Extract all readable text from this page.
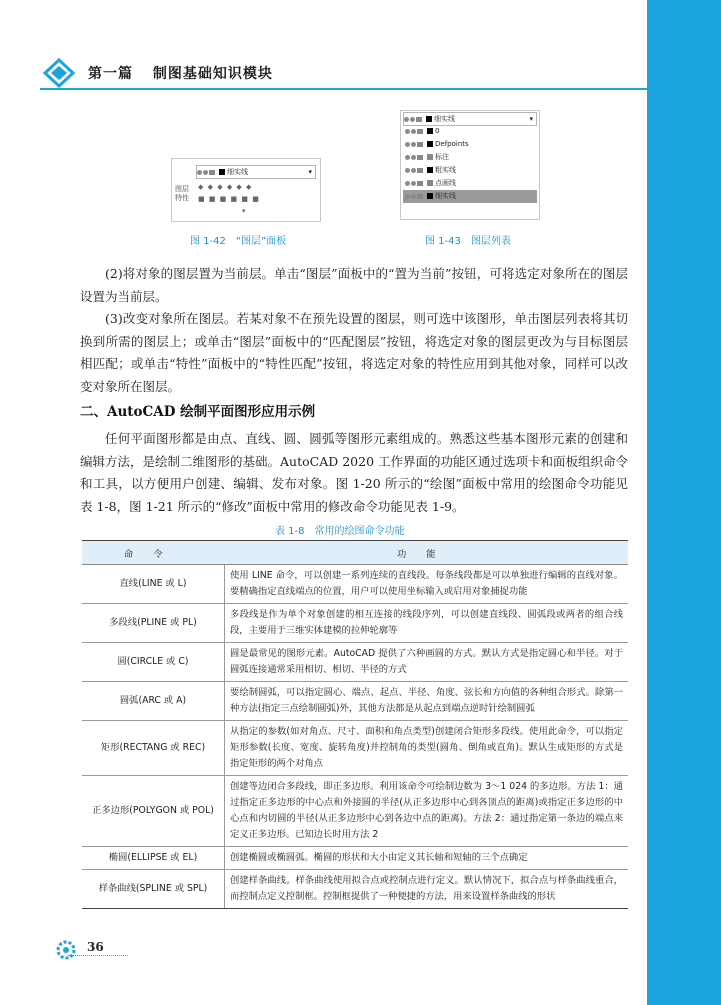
第一篇 制图基础知识模块
细实线	▾
图层
特性
◆ ◆ ◆ ◆ ◆ ◆
■ ■ ■ ■ ■ ■
▾
图 1-42 “图层”面板
细实线	▾
0
Defpoints
标注
粗实线
点画线
细实线
图 1-43 图层列表
(2)将对象的图层置为当前层。单击“图层”面板中的“置为当前”按钮，可将选定对象所在的图层设置为当前层。
(3)改变对象所在图层。若某对象不在预先设置的图层，则可选中该图形，单击图层列表将其切换到所需的图层上；或单击“图层”面板中的“匹配图层”按钮，将选定对象的图层更改为与目标图层相匹配；或单击“特性”面板中的“特性匹配”按钮，将选定对象的特性应用到其他对象，同样可以改变对象所在图层。
二、AutoCAD 绘制平面图形应用示例
任何平面图形都是由点、直线、圆、圆弧等图形元素组成的。熟悉这些基本图形元素的创建和编辑方法，是绘制二维图形的基础。AutoCAD 2020 工作界面的功能区通过选项卡和面板组织命令和工具，以方便用户创建、编辑、发布对象。图 1-20 所示的“绘图”面板中常用的绘图命令功能见表 1-8，图 1-21 所示的“修改”面板中常用的修改命令功能见表 1-9。
表 1-8 常用的绘图命令功能
命令	功能
直线(LINE 或 L)	使用 LINE 命令，可以创建一系列连续的直线段。每条线段都是可以单独进行编辑的直线对象。要精确指定直线端点的位置，用户可以使用坐标输入或启用对象捕捉功能
多段线(PLINE 或 PL)	多段线是作为单个对象创建的相互连接的线段序列，可以创建直线段、圆弧段或两者的组合线段，主要用于三维实体建模的拉伸轮廓等
圆(CIRCLE 或 C)	圆是最常见的图形元素。AutoCAD 提供了六种画圆的方式。默认方式是指定圆心和半径。对于圆弧连接通常采用相切、相切、半径的方式
圆弧(ARC 或 A)	要绘制圆弧，可以指定圆心、端点、起点、半径、角度、弦长和方向值的各种组合形式。除第一种方法(指定三点绘制圆弧)外，其他方法都是从起点到端点逆时针绘制圆弧
矩形(RECTANG 或 REC)	从指定的参数(如对角点、尺寸、面积和角点类型)创建闭合矩形多段线。使用此命令，可以指定矩形参数(长度、宽度、旋转角度)并控制角的类型(圆角、倒角或直角)。默认生成矩形的方式是指定矩形的两个对角点
正多边形(POLYGON 或 POL)	创建等边闭合多段线，即正多边形。利用该命令可绘制边数为 3～1 024 的多边形。方法 1：通过指定正多边形的中心点和外接圆的半径(从正多边形中心到各顶点的距离)或指定正多边形的中心点和内切圆的半径(从正多边形中心到各边中点的距离)。方法 2：通过指定第一条边的端点来定义正多边形。已知边长时用方法 2
椭圆(ELLIPSE 或 EL)	创建椭圆或椭圆弧。椭圆的形状和大小由定义其长轴和短轴的三个点确定
样条曲线(SPLINE 或 SPL)	创建样条曲线。样条曲线使用拟合点或控制点进行定义。默认情况下，拟合点与样条曲线重合，而控制点定义控制框。控制框提供了一种便捷的方法，用来设置样条曲线的形状
36
